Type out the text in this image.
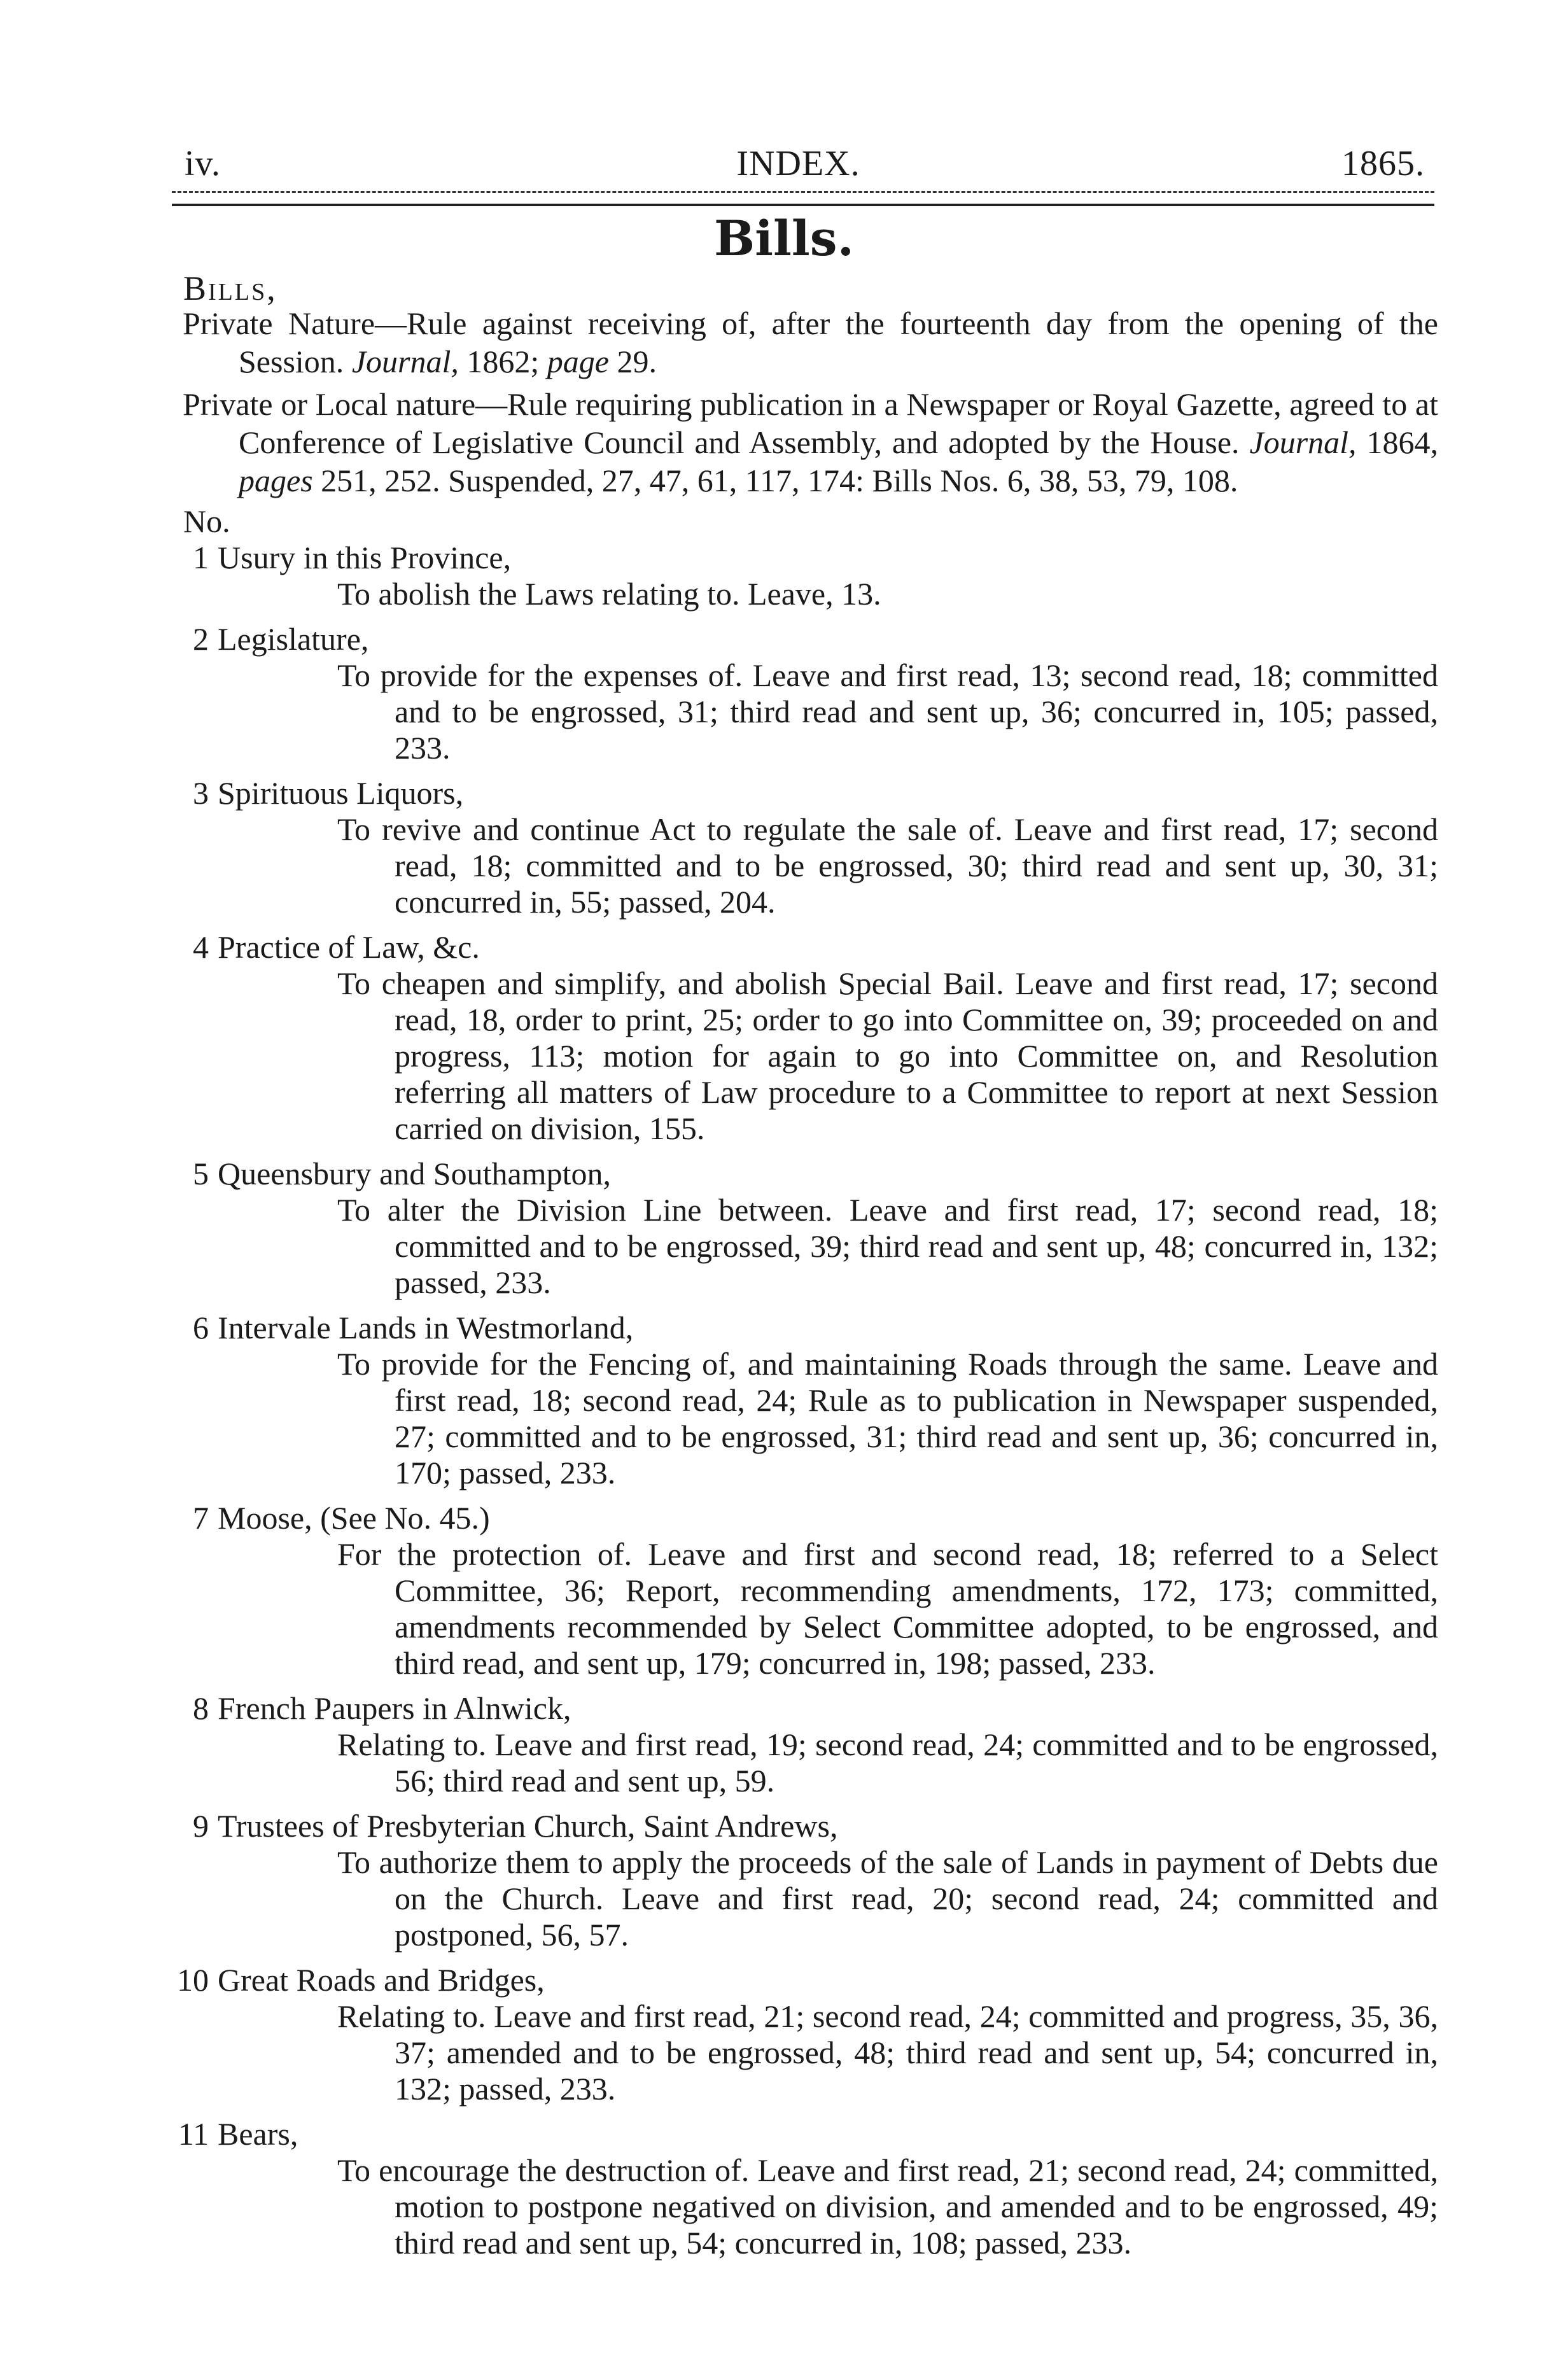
iv.	INDEX.	1865.
Bills.
Bills,

Private Nature—Rule against receiving of, after the fourteenth day from the opening of the Session. Journal, 1862; page 29.

Private or Local nature—Rule requiring publication in a Newspaper or Royal Gazette, agreed to at Conference of Legislative Council and Assembly, and adopted by the House. Journal, 1864, pages 251, 252. Suspended, 27, 47, 61, 117, 174: Bills Nos. 6, 38, 53, 79, 108.

No.
1 Usury in this Province,
To abolish the Laws relating to. Leave, 13.
2 Legislature,
To provide for the expenses of. Leave and first read, 13; second read, 18; committed and to be engrossed, 31; third read and sent up, 36; concurred in, 105; passed, 233.
3 Spirituous Liquors,
To revive and continue Act to regulate the sale of. Leave and first read, 17; second read, 18; committed and to be engrossed, 30; third read and sent up, 30, 31; concurred in, 55; passed, 204.
4 Practice of Law, &c.
To cheapen and simplify, and abolish Special Bail. Leave and first read, 17; second read, 18, order to print, 25; order to go into Committee on, 39; proceeded on and progress, 113; motion for again to go into Committee on, and Resolution referring all matters of Law procedure to a Committee to report at next Session carried on division, 155.
5 Queensbury and Southampton,
To alter the Division Line between. Leave and first read, 17; second read, 18; committed and to be engrossed, 39; third read and sent up, 48; concurred in, 132; passed, 233.
6 Intervale Lands in Westmorland,
To provide for the Fencing of, and maintaining Roads through the same. Leave and first read, 18; second read, 24; Rule as to publication in Newspaper suspended, 27; committed and to be engrossed, 31; third read and sent up, 36; concurred in, 170; passed, 233.
7 Moose, (See No. 45.)
For the protection of. Leave and first and second read, 18; referred to a Select Committee, 36; Report, recommending amendments, 172, 173; committed, amendments recommended by Select Committee adopted, to be engrossed, and third read, and sent up, 179; concurred in, 198; passed, 233.
8 French Paupers in Alnwick,
Relating to. Leave and first read, 19; second read, 24; committed and to be engrossed, 56; third read and sent up, 59.
9 Trustees of Presbyterian Church, Saint Andrews,
To authorize them to apply the proceeds of the sale of Lands in payment of Debts due on the Church. Leave and first read, 20; second read, 24; committed and postponed, 56, 57.
10 Great Roads and Bridges,
Relating to. Leave and first read, 21; second read, 24; committed and progress, 35, 36, 37; amended and to be engrossed, 48; third read and sent up, 54; concurred in, 132; passed, 233.
11 Bears,
To encourage the destruction of. Leave and first read, 21; second read, 24; committed, motion to postpone negatived on division, and amended and to be engrossed, 49; third read and sent up, 54; concurred in, 108; passed, 233.
